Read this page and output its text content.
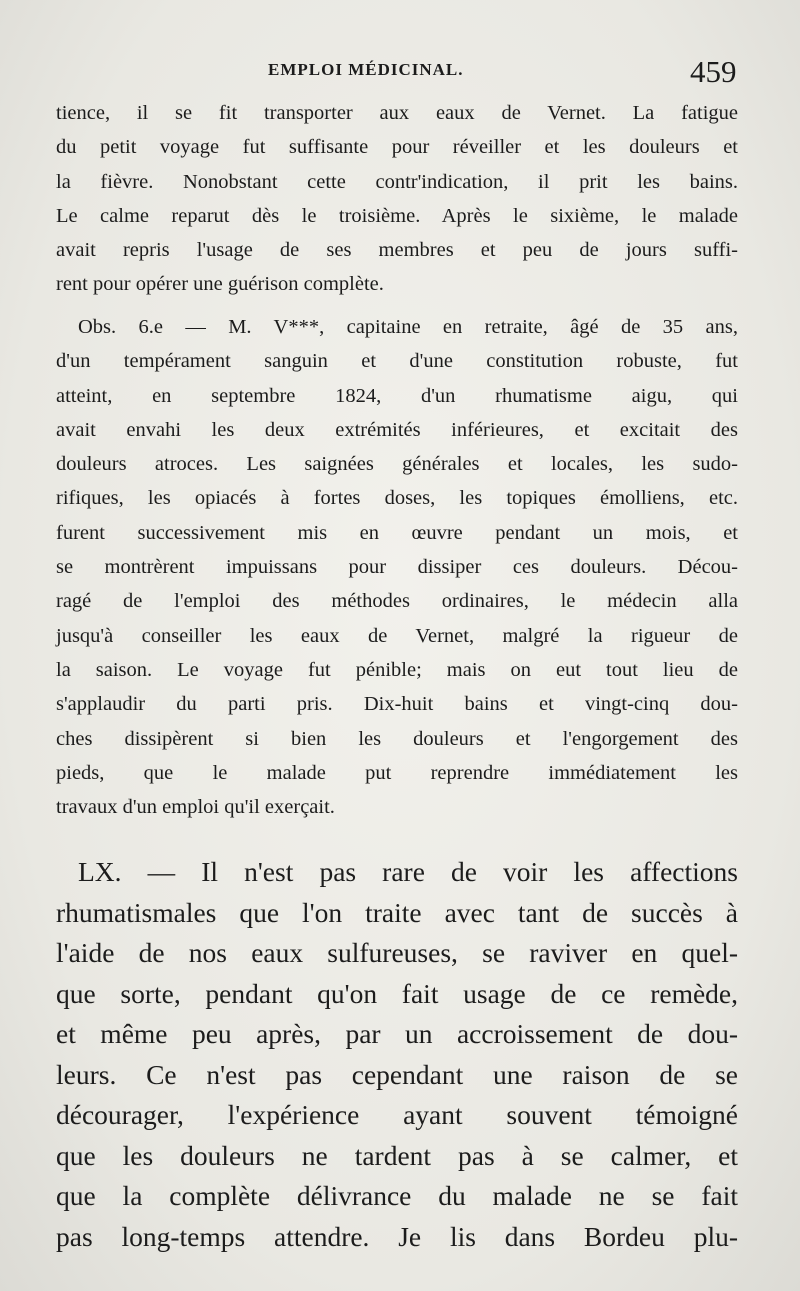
EMPLOI MÉDICINAL.	459
tience, il se fit transporter aux eaux de Vernet. La fatigue
du petit voyage fut suffisante pour réveiller et les douleurs et
la fièvre. Nonobstant cette contr'indication, il prit les bains.
Le calme reparut dès le troisième. Après le sixième, le malade
avait repris l'usage de ses membres et peu de jours suffi-
rent pour opérer une guérison complète.
Obs. 6.e — M. V***, capitaine en retraite, âgé de 35 ans,
d'un tempérament sanguin et d'une constitution robuste, fut
atteint, en septembre 1824, d'un rhumatisme aigu, qui
avait envahi les deux extrémités inférieures, et excitait des
douleurs atroces. Les saignées générales et locales, les sudo-
rifiques, les opiacés à fortes doses, les topiques émolliens, etc.
furent successivement mis en œuvre pendant un mois, et
se montrèrent impuissans pour dissiper ces douleurs. Décou-
ragé de l'emploi des méthodes ordinaires, le médecin alla
jusqu'à conseiller les eaux de Vernet, malgré la rigueur de
la saison. Le voyage fut pénible; mais on eut tout lieu de
s'applaudir du parti pris. Dix-huit bains et vingt-cinq dou-
ches dissipèrent si bien les douleurs et l'engorgement des
pieds, que le malade put reprendre immédiatement les
travaux d'un emploi qu'il exerçait.
LX. — Il n'est pas rare de voir les affections
rhumatismales que l'on traite avec tant de succès à
l'aide de nos eaux sulfureuses, se raviver en quel-
que sorte, pendant qu'on fait usage de ce remède,
et même peu après, par un accroissement de dou-
leurs. Ce n'est pas cependant une raison de se
décourager, l'expérience ayant souvent témoigné
que les douleurs ne tardent pas à se calmer, et
que la complète délivrance du malade ne se fait
pas long-temps attendre. Je lis dans Bordeu plu-
